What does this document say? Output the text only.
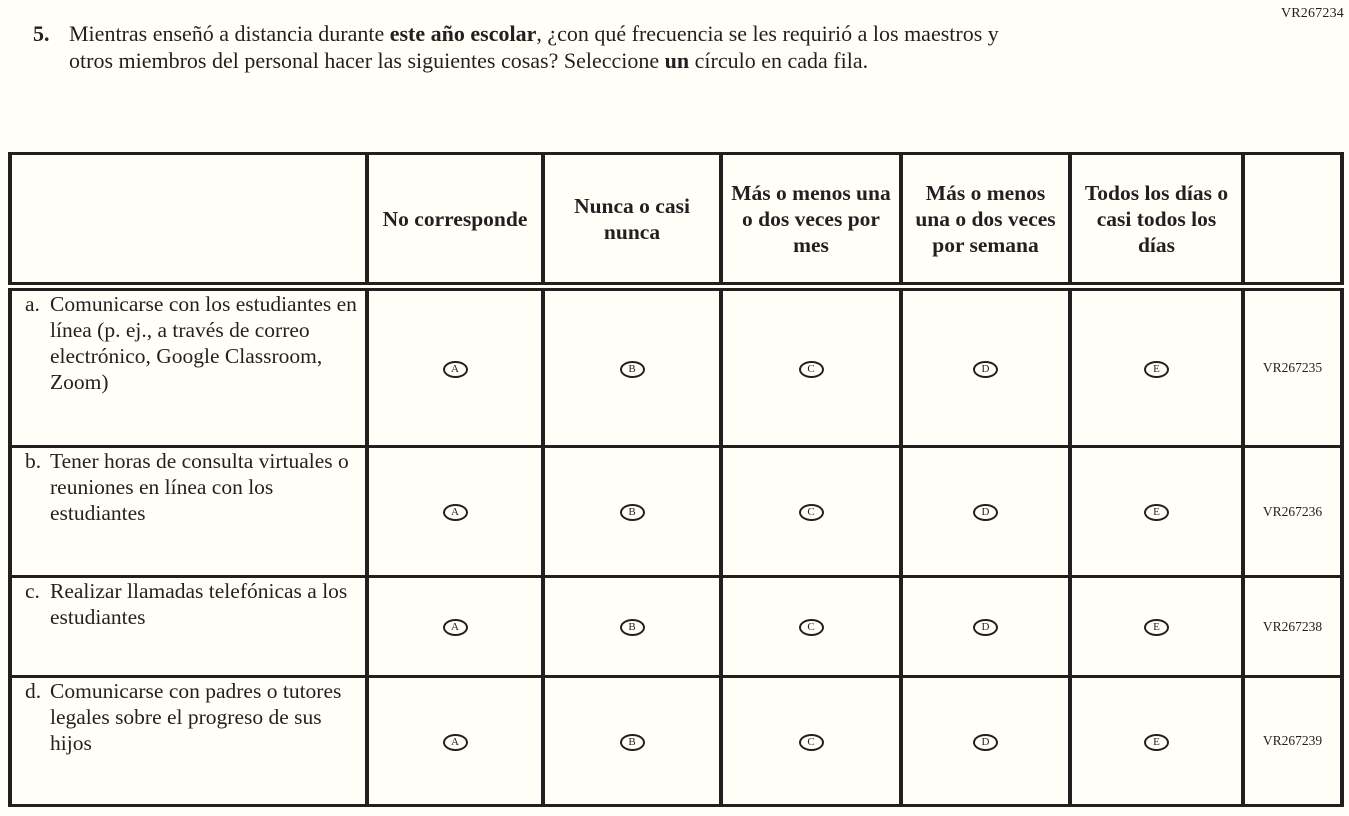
VR267234
5. Mientras enseñó a distancia durante este año escolar, ¿con qué frecuencia se les requirió a los maestros y otros miembros del personal hacer las siguientes cosas? Seleccione un círculo en cada fila.
	No corresponde	Nunca o casi nunca	Más o menos una o dos veces por mes	Más o menos una o dos veces por semana	Todos los días o casi todos los días	

a. Comunicarse con los estudiantes en línea (p. ej., a través de correo electrónico, Google Classroom, Zoom)	A	B	C	D	E	VR267235

b. Tener horas de consulta virtuales o reuniones en línea con los estudiantes	A	B	C	D	E	VR267236

c. Realizar llamadas telefónicas a los estudiantes	A	B	C	D	E	VR267238

d. Comunicarse con padres o tutores legales sobre el progreso de sus hijos	A	B	C	D	E	VR267239
